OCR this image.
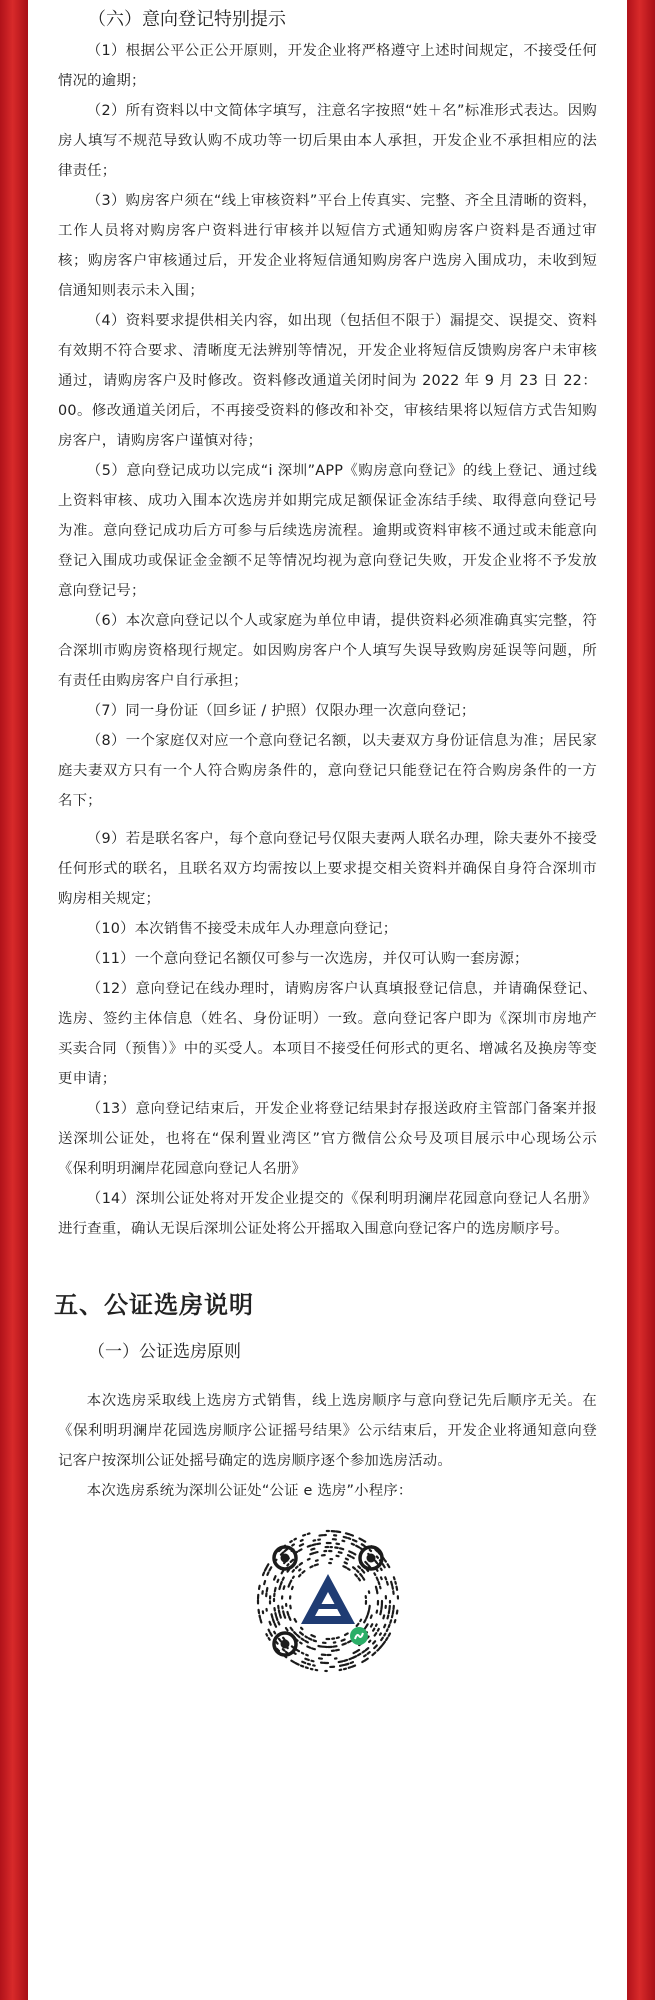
（六）意向登记特别提示

（1）根据公平公正公开原则，开发企业将严格遵守上述时间规定，不接受任何情况的逾期；

（2）所有资料以中文简体字填写，注意名字按照“姓＋名”标准形式表达。因购房人填写不规范导致认购不成功等一切后果由本人承担，开发企业不承担相应的法律责任；

（3）购房客户须在“线上审核资料”平台上传真实、完整、齐全且清晰的资料，工作人员将对购房客户资料进行审核并以短信方式通知购房客户资料是否通过审核；购房客户审核通过后，开发企业将短信通知购房客户选房入围成功，未收到短信通知则表示未入围；

（4）资料要求提供相关内容，如出现（包括但不限于）漏提交、误提交、资料有效期不符合要求、清晰度无法辨别等情况，开发企业将短信反馈购房客户未审核通过，请购房客户及时修改。资料修改通道关闭时间为 2022 年 9 月 23 日 22：00。修改通道关闭后，不再接受资料的修改和补交，审核结果将以短信方式告知购房客户，请购房客户谨慎对待；

（5）意向登记成功以完成“i 深圳”APP《购房意向登记》的线上登记、通过线上资料审核、成功入围本次选房并如期完成足额保证金冻结手续、取得意向登记号为准。意向登记成功后方可参与后续选房流程。逾期或资料审核不通过或未能意向登记入围成功或保证金金额不足等情况均视为意向登记失败，开发企业将不予发放意向登记号；

（6）本次意向登记以个人或家庭为单位申请，提供资料必须准确真实完整，符合深圳市购房资格现行规定。如因购房客户个人填写失误导致购房延误等问题，所有责任由购房客户自行承担；

（7）同一身份证（回乡证 / 护照）仅限办理一次意向登记；

（8）一个家庭仅对应一个意向登记名额，以夫妻双方身份证信息为准；居民家庭夫妻双方只有一个人符合购房条件的，意向登记只能登记在符合购房条件的一方名下；

（9）若是联名客户，每个意向登记号仅限夫妻两人联名办理，除夫妻外不接受任何形式的联名，且联名双方均需按以上要求提交相关资料并确保自身符合深圳市购房相关规定；

（10）本次销售不接受未成年人办理意向登记；

（11）一个意向登记名额仅可参与一次选房，并仅可认购一套房源；

（12）意向登记在线办理时，请购房客户认真填报登记信息，并请确保登记、选房、签约主体信息（姓名、身份证明）一致。意向登记客户即为《深圳市房地产买卖合同（预售）》中的买受人。本项目不接受任何形式的更名、增减名及换房等变更申请；

（13）意向登记结束后，开发企业将登记结果封存报送政府主管部门备案并报送深圳公证处，也将在“保利置业湾区”官方微信公众号及项目展示中心现场公示《保利明玥澜岸花园意向登记人名册》

（14）深圳公证处将对开发企业提交的《保利明玥澜岸花园意向登记人名册》进行查重，确认无误后深圳公证处将公开摇取入围意向登记客户的选房顺序号。

五、公证选房说明
（一）公证选房原则

本次选房采取线上选房方式销售，线上选房顺序与意向登记先后顺序无关。在《保利明玥澜岸花园选房顺序公证摇号结果》公示结束后，开发企业将通知意向登记客户按深圳公证处摇号确定的选房顺序逐个参加选房活动。

本次选房系统为深圳公证处“公证 e 选房”小程序：
